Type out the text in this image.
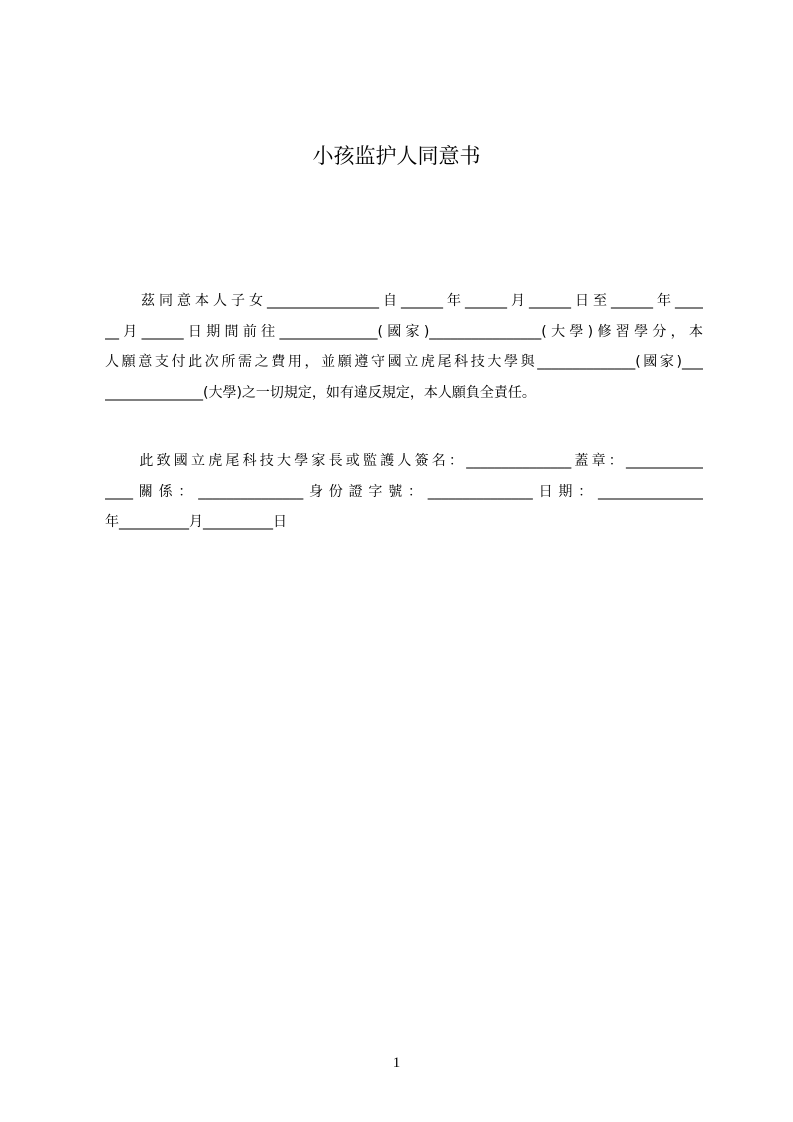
小孩监护人同意书
　　茲同意本人子女________________自______年______月______日至______年____
__月______日期間前往______________(國家)________________(大學)修習學分，本
人願意支付此次所需之費用，並願遵守國立虎尾科技大學與______________(國家)___
______________(大學)之一切規定，如有違反規定，本人願負全責任。
　　此致國立虎尾科技大學家長或監護人簽名：_______________蓋章：___________
____關係：_______________身份證字號：_______________日期：_______________
年__________月__________日
1
